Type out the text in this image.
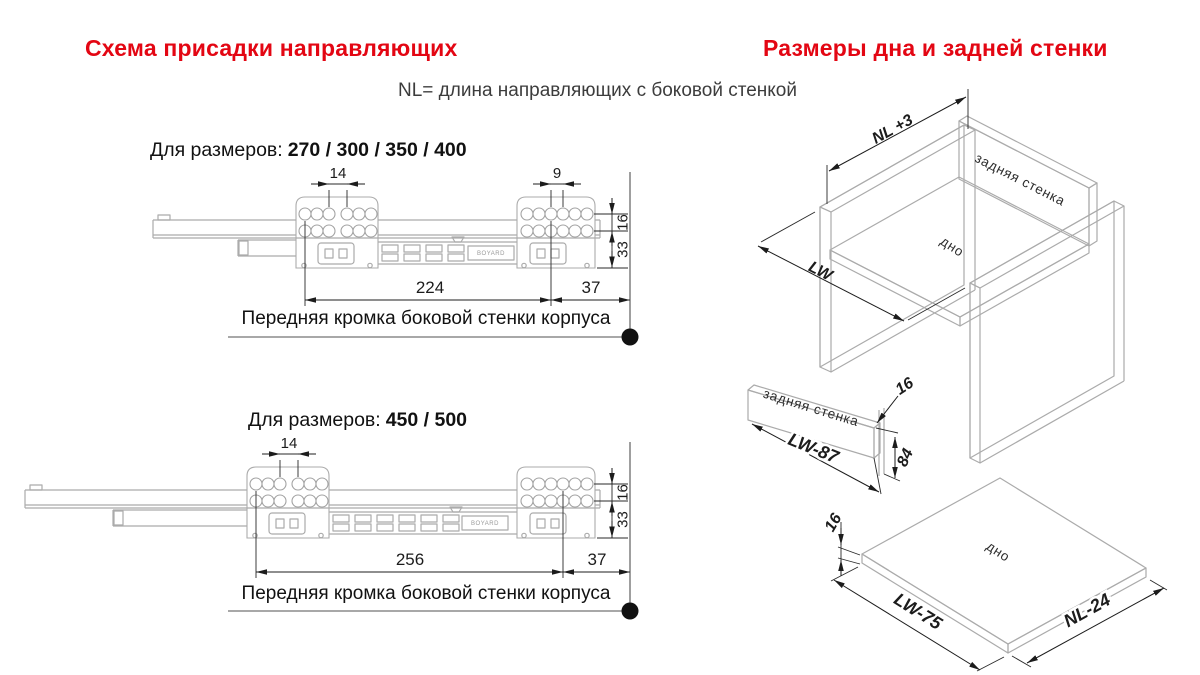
Схема присадки направляющих	Размеры дна и задней стенки
NL= длина направляющих с боковой стенкой
Для размеров: 270 / 300 / 350 / 400
Для размеров: 450 / 500
Передняя кромка боковой стенки корпуса
Передняя кромка боковой стенки корпуса
BOYARD
14	9
16
33
224	37
BOYARD
14
16
33
256	37
задняя стенка
дно
NL +3
LW
задняя стенка
LW-87
16
84
дно
16
LW-75	NL-24
